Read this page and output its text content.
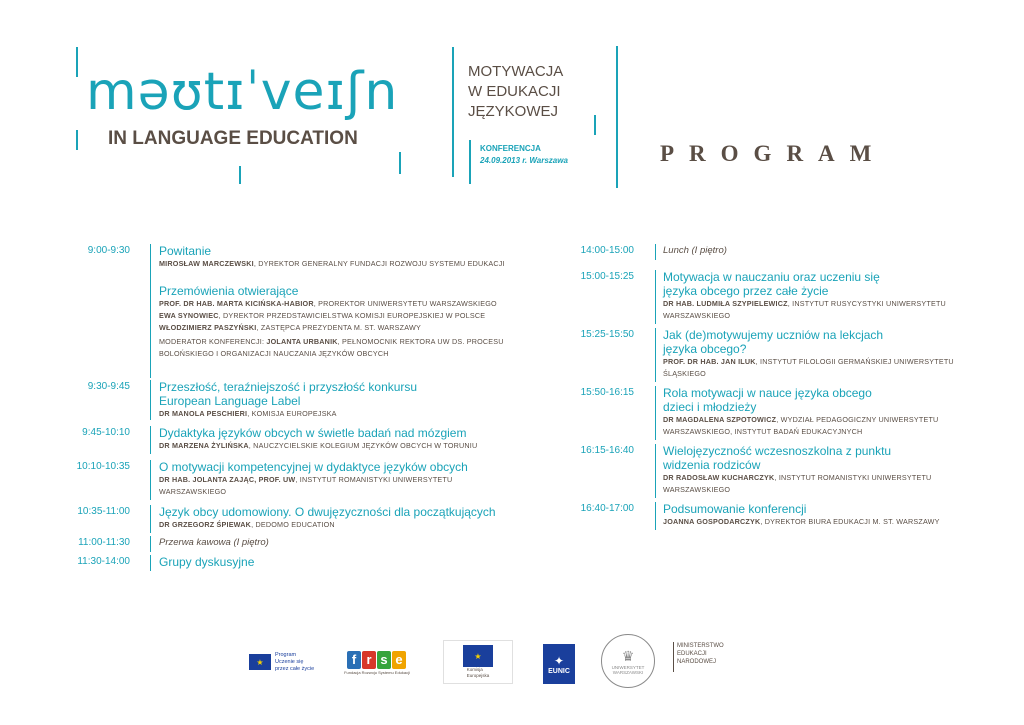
məʊtɪˈveɪʃn
IN LANGUAGE EDUCATION
MOTYWACJA
W EDUKACJI
JĘZYKOWEJ
KONFERENCJA
24.09.2013 r. Warszawa	PROGRAM
9:00-9:30 Powitanie
MIROSŁAW MARCZEWSKI, DYREKTOR GENERALNY FUNDACJI ROZWOJU SYSTEMU EDUKACJI
Przemówienia otwierające
PROF. DR HAB. MARTA KICIŃSKA-HABIOR, PROREKTOR UNIWERSYTETU WARSZAWSKIEGO
EWA SYNOWIEC, DYREKTOR PRZEDSTAWICIELSTWA KOMISJI EUROPEJSKIEJ W POLSCE
WŁODZIMIERZ PASZYŃSKI, ZASTĘPCA PREZYDENTA M. ST. WARSZAWY
MODERATOR KONFERENCJI: JOLANTA URBANIK, PEŁNOMOCNIK REKTORA UW DS. PROCESU BOLOŃSKIEGO I ORGANIZACJI NAUCZANIA JĘZYKÓW OBCYCH
9:30-9:45 Przeszłość, teraźniejszość i przyszłość konkursu European Language Label
DR MANOLA PESCHIERI, KOMISJA EUROPEJSKA
9:45-10:10 Dydaktyka języków obcych w świetle badań nad mózgiem
DR MARZENA ŻYLIŃSKA, NAUCZYCIELSKIE KOLEGIUM JĘZYKÓW OBCYCH W TORUNIU
10:10-10:35 O motywacji kompetencyjnej w dydaktyce języków obcych
DR HAB. JOLANTA ZAJĄC, PROF. UW, INSTYTUT ROMANISTYKI UNIWERSYTETU WARSZAWSKIEGO
10:35-11:00 Język obcy udomowiony. O dwujęzyczności dla początkujących
DR GRZEGORZ ŚPIEWAK, DEDOMO EDUCATION
11:00-11:30	Przerwa kawowa (I piętro)
11:30-14:00 Grupy dyskusyjne
14:00-15:00	Lunch (I piętro)
15:00-15:25 Motywacja w nauczaniu oraz uczeniu się języka obcego przez całe życie
DR HAB. LUDMIŁA SZYPIELEWICZ, INSTYTUT RUSYCYSTYKI UNIWERSYTETU WARSZAWSKIEGO
15:25-15:50 Jak (de)motywujemy uczniów na lekcjach języka obcego?
PROF. DR HAB. JAN ILUK, INSTYTUT FILOLOGII GERMAŃSKIEJ UNIWERSYTETU ŚLĄSKIEGO
15:50-16:15 Rola motywacji w nauce języka obcego dzieci i młodzieży
DR MAGDALENA SZPOTOWICZ, WYDZIAŁ PEDAGOGICZNY UNIWERSYTETU WARSZAWSKIEGO, INSTYTUT BADAŃ EDUKACYJNYCH
16:15-16:40 Wielojęzyczność wczesnoszkolna z punktu widzenia rodziców
DR RADOSŁAW KUCHARCZYK, INSTYTUT ROMANISTYKI UNIWERSYTETU WARSZAWSKIEGO
16:40-17:00 Podsumowanie konferencji
JOANNA GOSPODARCZYK, DYREKTOR BIURA EDUKACJI M. ST. WARSZAWY
★
Program
Uczenie się
przez całe życie
f r s e
Fundacja Rozwoju Systemu Edukacji
★	Komisja
Europejska
✦
EUNIC
♛
UNIWERSYTET WARSZAWSKI
MINISTERSTWO
EDUKACJI
NARODOWEJ
